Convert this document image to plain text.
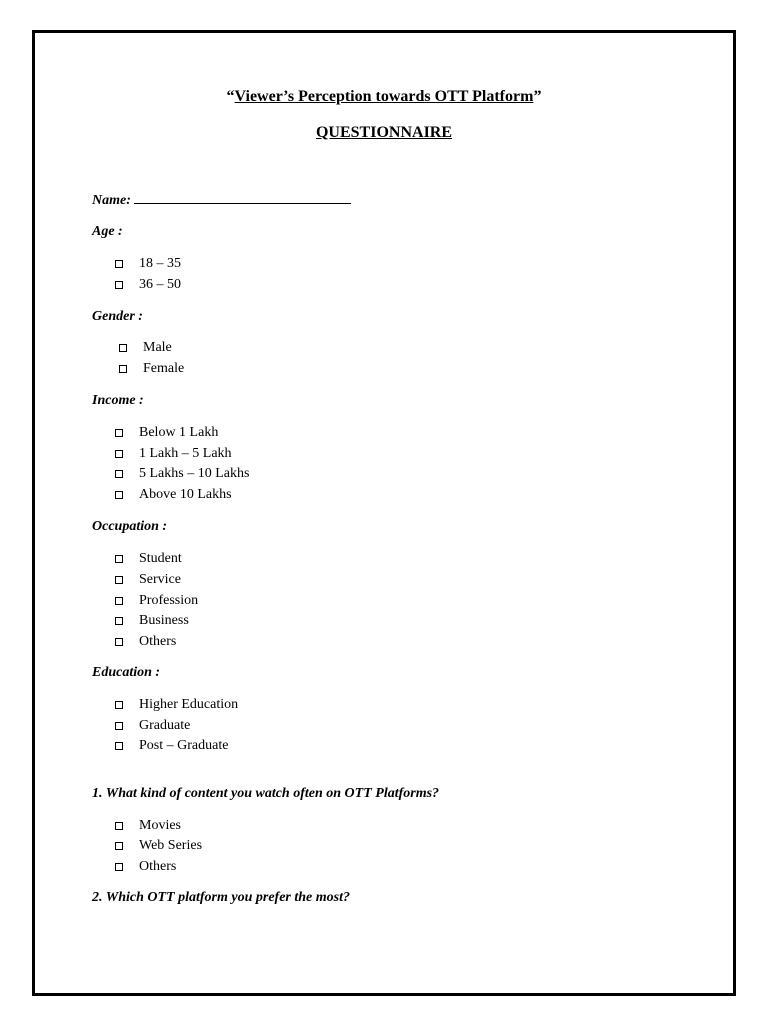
“Viewer’s Perception towards OTT Platform”
QUESTIONNAIRE
Name:
Age :
18 – 35
36 – 50
Gender :
Male
Female
Income :
Below 1 Lakh
1 Lakh – 5 Lakh
5 Lakhs – 10 Lakhs
Above 10 Lakhs
Occupation :
Student
Service
Profession
Business
Others
Education :
Higher Education
Graduate
Post – Graduate
1. What kind of content you watch often on OTT Platforms?
Movies
Web Series
Others
2. Which OTT platform you prefer the most?
